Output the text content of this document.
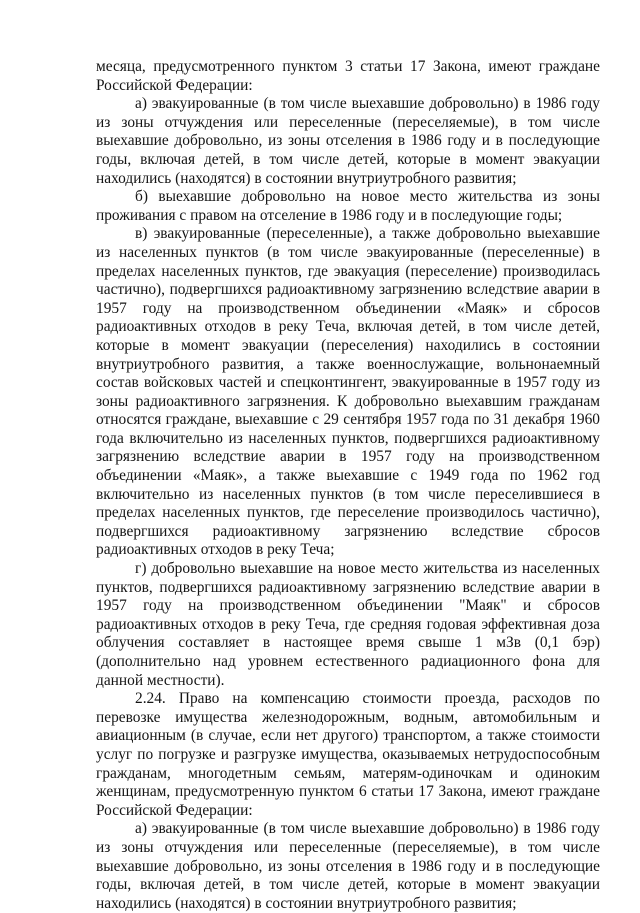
месяца, предусмотренного пунктом 3 статьи 17 Закона, имеют граждане Российской Федерации:

а) эвакуированные (в том числе выехавшие добровольно) в 1986 году из зоны отчуждения или переселенные (переселяемые), в том числе выехавшие добровольно, из зоны отселения в 1986 году и в последующие годы, включая детей, в том числе детей, которые в момент эвакуации находились (находятся) в состоянии внутриутробного развития;

б) выехавшие добровольно на новое место жительства из зоны проживания с правом на отселение в 1986 году и в последующие годы;

в) эвакуированные (переселенные), а также добровольно выехавшие из населенных пунктов (в том числе эвакуированные (переселенные) в пределах населенных пунктов, где эвакуация (переселение) производилась частично), подвергшихся радиоактивному загрязнению вследствие аварии в 1957 году на производственном объединении «Маяк» и сбросов радиоактивных отходов в реку Теча, включая детей, в том числе детей, которые в момент эвакуации (переселения) находились в состоянии внутриутробного развития, а также военнослужащие, вольнонаемный состав войсковых частей и спецконтингент, эвакуированные в 1957 году из зоны радиоактивного загрязнения. К добровольно выехавшим гражданам относятся граждане, выехавшие с 29 сентября 1957 года по 31 декабря 1960 года включительно из населенных пунктов, подвергшихся радиоактивному загрязнению вследствие аварии в 1957 году на производственном объединении «Маяк», а также выехавшие с 1949 года по 1962 год включительно из населенных пунктов (в том числе переселившиеся в пределах населенных пунктов, где переселение производилось частично), подвергшихся радиоактивному загрязнению вследствие сбросов радиоактивных отходов в реку Теча;

г) добровольно выехавшие на новое место жительства из населенных пунктов, подвергшихся радиоактивному загрязнению вследствие аварии в 1957 году на производственном объединении "Маяк" и сбросов радиоактивных отходов в реку Теча, где средняя годовая эффективная доза облучения составляет в настоящее время свыше 1 мЗв (0,1 бэр) (дополнительно над уровнем естественного радиационного фона для данной местности).

2.24. Право на компенсацию стоимости проезда, расходов по перевозке имущества железнодорожным, водным, автомобильным и авиационным (в случае, если нет другого) транспортом, а также стоимости услуг по погрузке и разгрузке имущества, оказываемых нетрудоспособным гражданам, многодетным семьям, матерям-одиночкам и одиноким женщинам, предусмотренную пунктом 6 статьи 17 Закона, имеют граждане Российской Федерации:

а) эвакуированные (в том числе выехавшие добровольно) в 1986 году из зоны отчуждения или переселенные (переселяемые), в том числе выехавшие добровольно, из зоны отселения в 1986 году и в последующие годы, включая детей, в том числе детей, которые в момент эвакуации находились (находятся) в состоянии внутриутробного развития;
